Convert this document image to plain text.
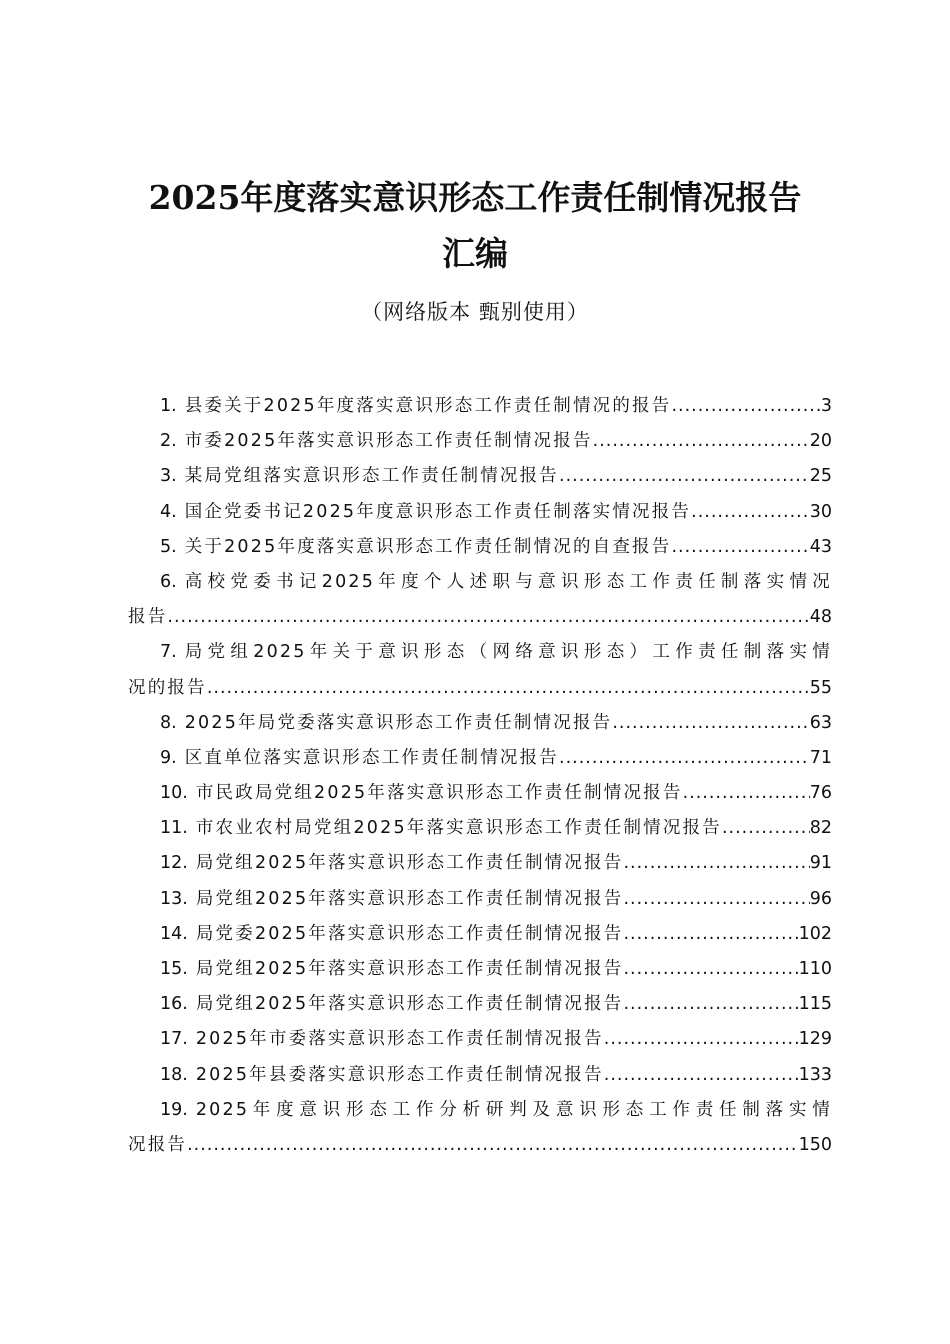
2025年度落实意识形态工作责任制情况报告
汇编
（网络版本 甄别使用）
1. 县委关于2025年度落实意识形态工作责任制情况的报告 .....	3
2. 市委2025年落实意识形态工作责任制情况报告 .....	20
3. 某局党组落实意识形态工作责任制情况报告 .....	25
4. 国企党委书记2025年度意识形态工作责任制落实情况报告 .....	30
5. 关于2025年度落实意识形态工作责任制情况的自查报告 .....	43
6. 高校党委书记2025年度个人述职与意识形态工作责任制落实情况
报告 .....	48
7. 局党组2025年关于意识形态（网络意识形态）工作责任制落实情
况的报告 .....	55
8. 2025年局党委落实意识形态工作责任制情况报告 .....	63
9. 区直单位落实意识形态工作责任制情况报告 .....	71
10. 市民政局党组2025年落实意识形态工作责任制情况报告 .....	76
11. 市农业农村局党组2025年落实意识形态工作责任制情况报告 .....	82
12. 局党组2025年落实意识形态工作责任制情况报告 .....	91
13. 局党组2025年落实意识形态工作责任制情况报告 .....	96
14. 局党委2025年落实意识形态工作责任制情况报告 .....	102
15. 局党组2025年落实意识形态工作责任制情况报告 .....	110
16. 局党组2025年落实意识形态工作责任制情况报告 .....	115
17. 2025年市委落实意识形态工作责任制情况报告 .....	129
18. 2025年县委落实意识形态工作责任制情况报告 .....	133
19. 2025年度意识形态工作分析研判及意识形态工作责任制落实情
况报告 .....	150
